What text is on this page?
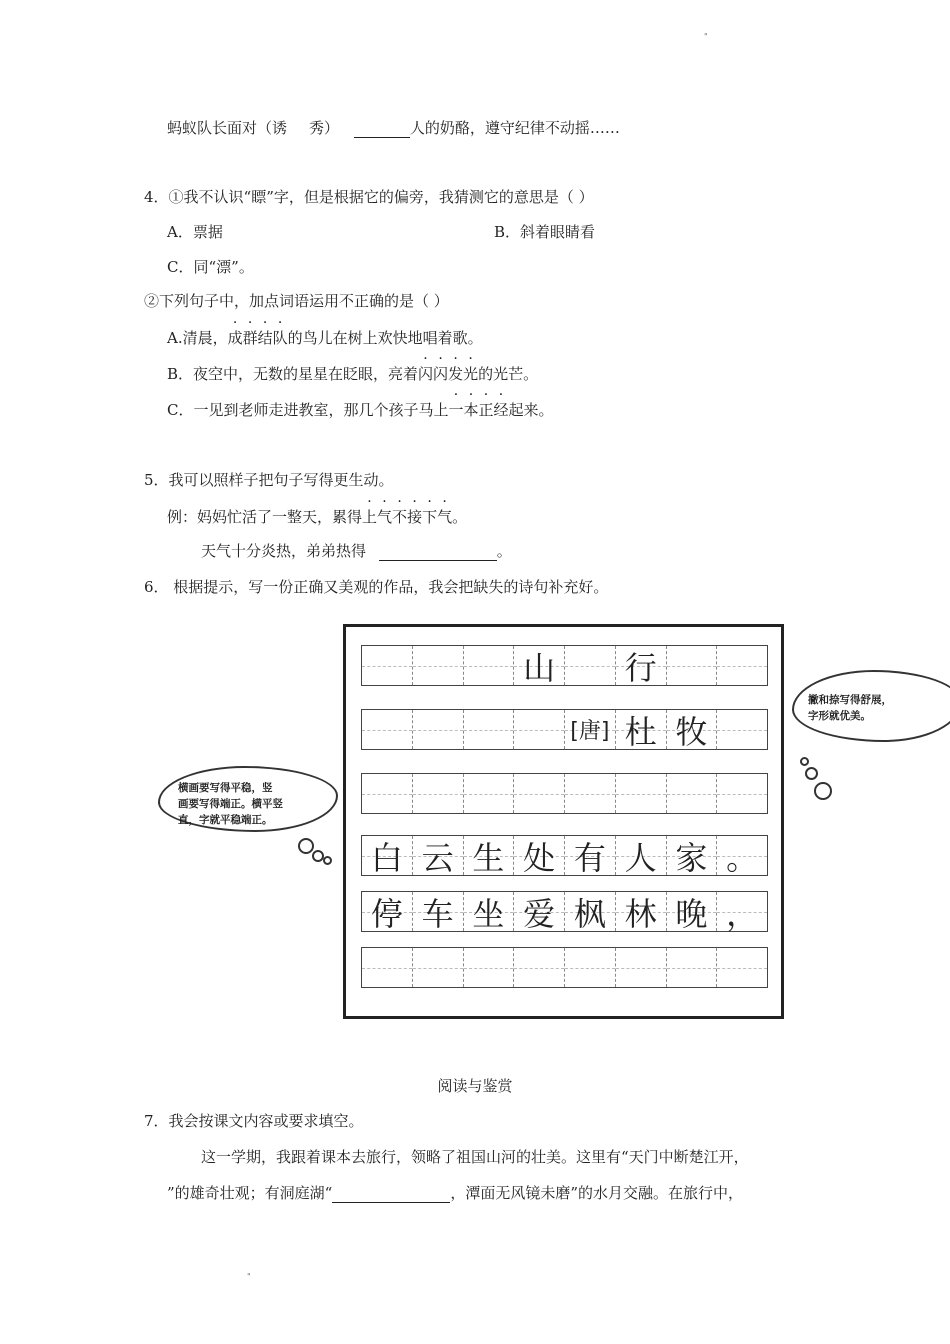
"
蚂蚁队长面对（诱 秀）	人的奶酪，遵守纪律不动摇……
4．①我不认识“瞟”字，但是根据它的偏旁，我猜测它的意思是（ ）
A．票据	B．斜着眼睛看
C．同“漂”。
②下列句子中，加点词语运用不正确的是（ ）
A.清晨，成群结队的鸟儿在树上欢快地唱着歌。
B．夜空中，无数的星星在眨眼，亮着闪闪发光的光芒。
C．一见到老师走进教室，那几个孩子马上一本正经起来。
5．我可以照样子把句子写得更生动。
例：妈妈忙活了一整天，累得上气不接下气。
天气十分炎热，弟弟热得	。
6． 根据提示，写一份正确又美观的作品，我会把缺失的诗句补充好。
山 行
[唐] 杜 牧
白 云 生 处 有 人 家 。
停 车 坐 爱 枫 林 晚 ，
横画要写得平稳，竖
画要写得端正。横平竖
直，字就平稳端正。
撇和捺写得舒展，
字形就优美。
阅读与鉴赏
7．我会按课文内容或要求填空。
这一学期，我跟着课本去旅行，领略了祖国山河的壮美。这里有“天门中断楚江开，
”的雄奇壮观；有洞庭湖“	，潭面无风镜未磨”的水月交融。在旅行中，
"
